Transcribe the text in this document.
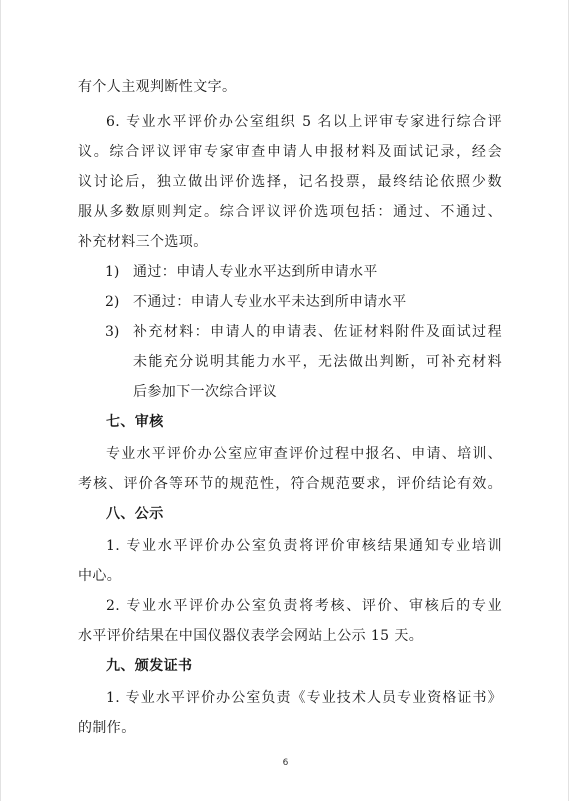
有个人主观判断性文字。
6. 专业水平评价办公室组织 5 名以上评审专家进行综合评
议。综合评议评审专家审查申请人申报材料及面试记录，经会
议讨论后，独立做出评价选择，记名投票，最终结论依照少数
服从多数原则判定。综合评议评价选项包括：通过、不通过、
补充材料三个选项。
1) 通过：申请人专业水平达到所申请水平
2) 不通过：申请人专业水平未达到所申请水平
3) 补充材料：申请人的申请表、佐证材料附件及面试过程
未能充分说明其能力水平，无法做出判断，可补充材料
后参加下一次综合评议
七、审核
专业水平评价办公室应审查评价过程中报名、申请、培训、
考核、评价各等环节的规范性，符合规范要求，评价结论有效。
八、公示
1. 专业水平评价办公室负责将评价审核结果通知专业培训
中心。
2. 专业水平评价办公室负责将考核、评价、审核后的专业
水平评价结果在中国仪器仪表学会网站上公示 15 天。
九、颁发证书
1. 专业水平评价办公室负责《专业技术人员专业资格证书》
的制作。
6
